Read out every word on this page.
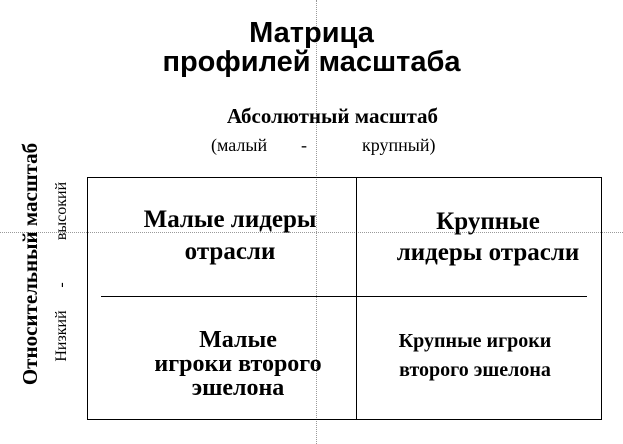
Матрица
профилей масштаба
Абсолютный масштаб
(малый -	крупный)
Относительный масштаб Низкий
-
высокий	Малые лидеры
отрасли
Крупные
лидеры отрасли
Малые
игроки второго
эшелона
Крупные игроки
второго эшелона
